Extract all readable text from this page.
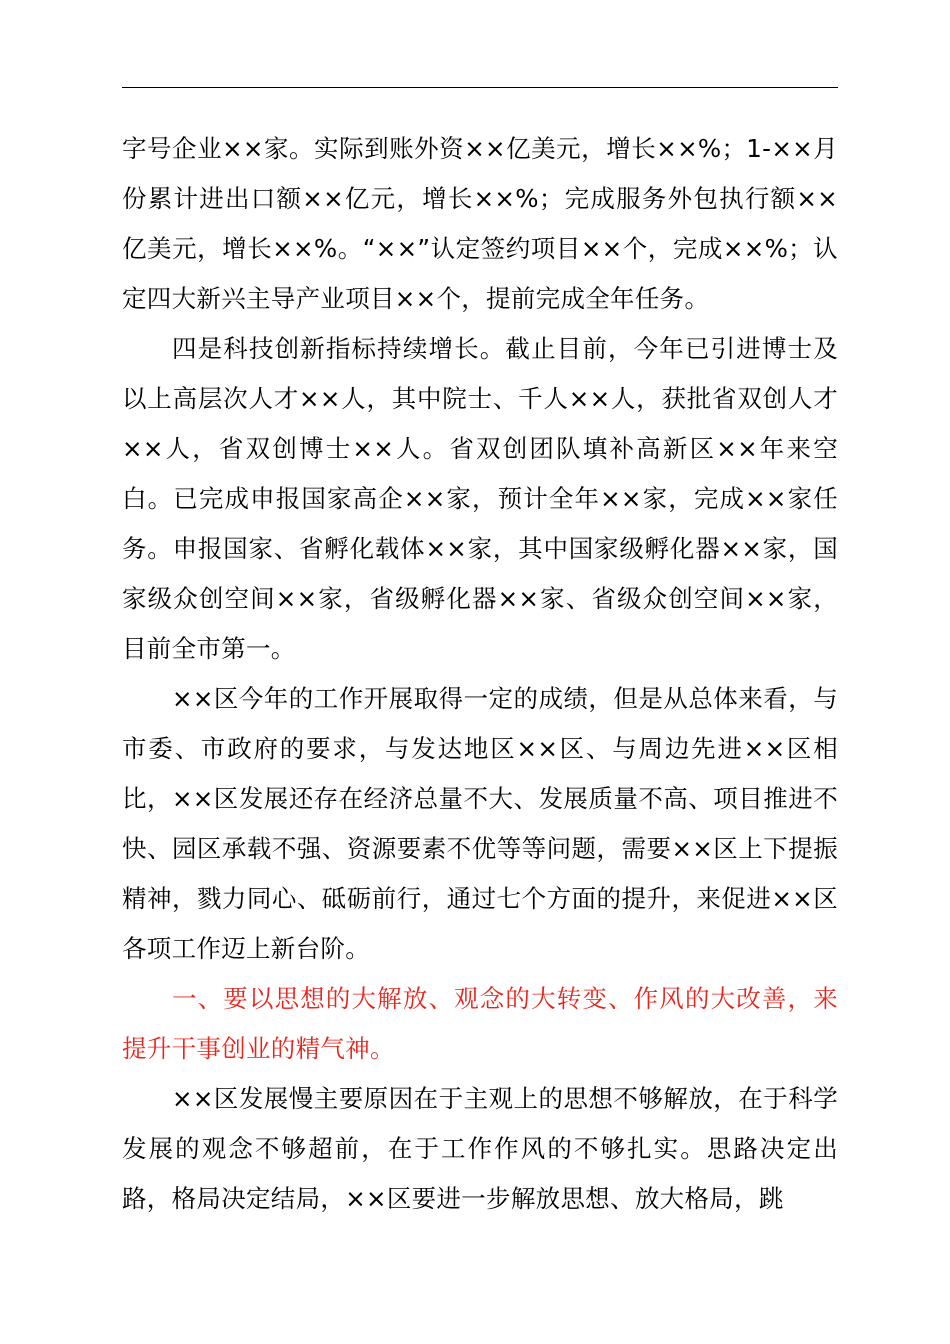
字号企业××家。实际到账外资××亿美元，增长××%；1-××月份累计进出口额××亿元，增长××%；完成服务外包执行额××亿美元，增长××%。“××”认定签约项目××个，完成××%；认定四大新兴主导产业项目××个，提前完成全年任务。

四是科技创新指标持续增长。截止目前，今年已引进博士及以上高层次人才××人，其中院士、千人××人，获批省双创人才××人，省双创博士××人。省双创团队填补高新区××年来空白。已完成申报国家高企××家，预计全年××家，完成××家任务。申报国家、省孵化载体××家，其中国家级孵化器××家，国家级众创空间××家，省级孵化器××家、省级众创空间××家，目前全市第一。

××区今年的工作开展取得一定的成绩，但是从总体来看，与市委、市政府的要求，与发达地区××区、与周边先进××区相比，××区发展还存在经济总量不大、发展质量不高、项目推进不快、园区承载不强、资源要素不优等等问题，需要××区上下提振精神，戮力同心、砥砺前行，通过七个方面的提升，来促进××区各项工作迈上新台阶。

一、要以思想的大解放、观念的大转变、作风的大改善，来提升干事创业的精气神。

××区发展慢主要原因在于主观上的思想不够解放，在于科学发展的观念不够超前，在于工作作风的不够扎实。思路决定出路，格局决定结局，××区要进一步解放思想、放大格局，跳
